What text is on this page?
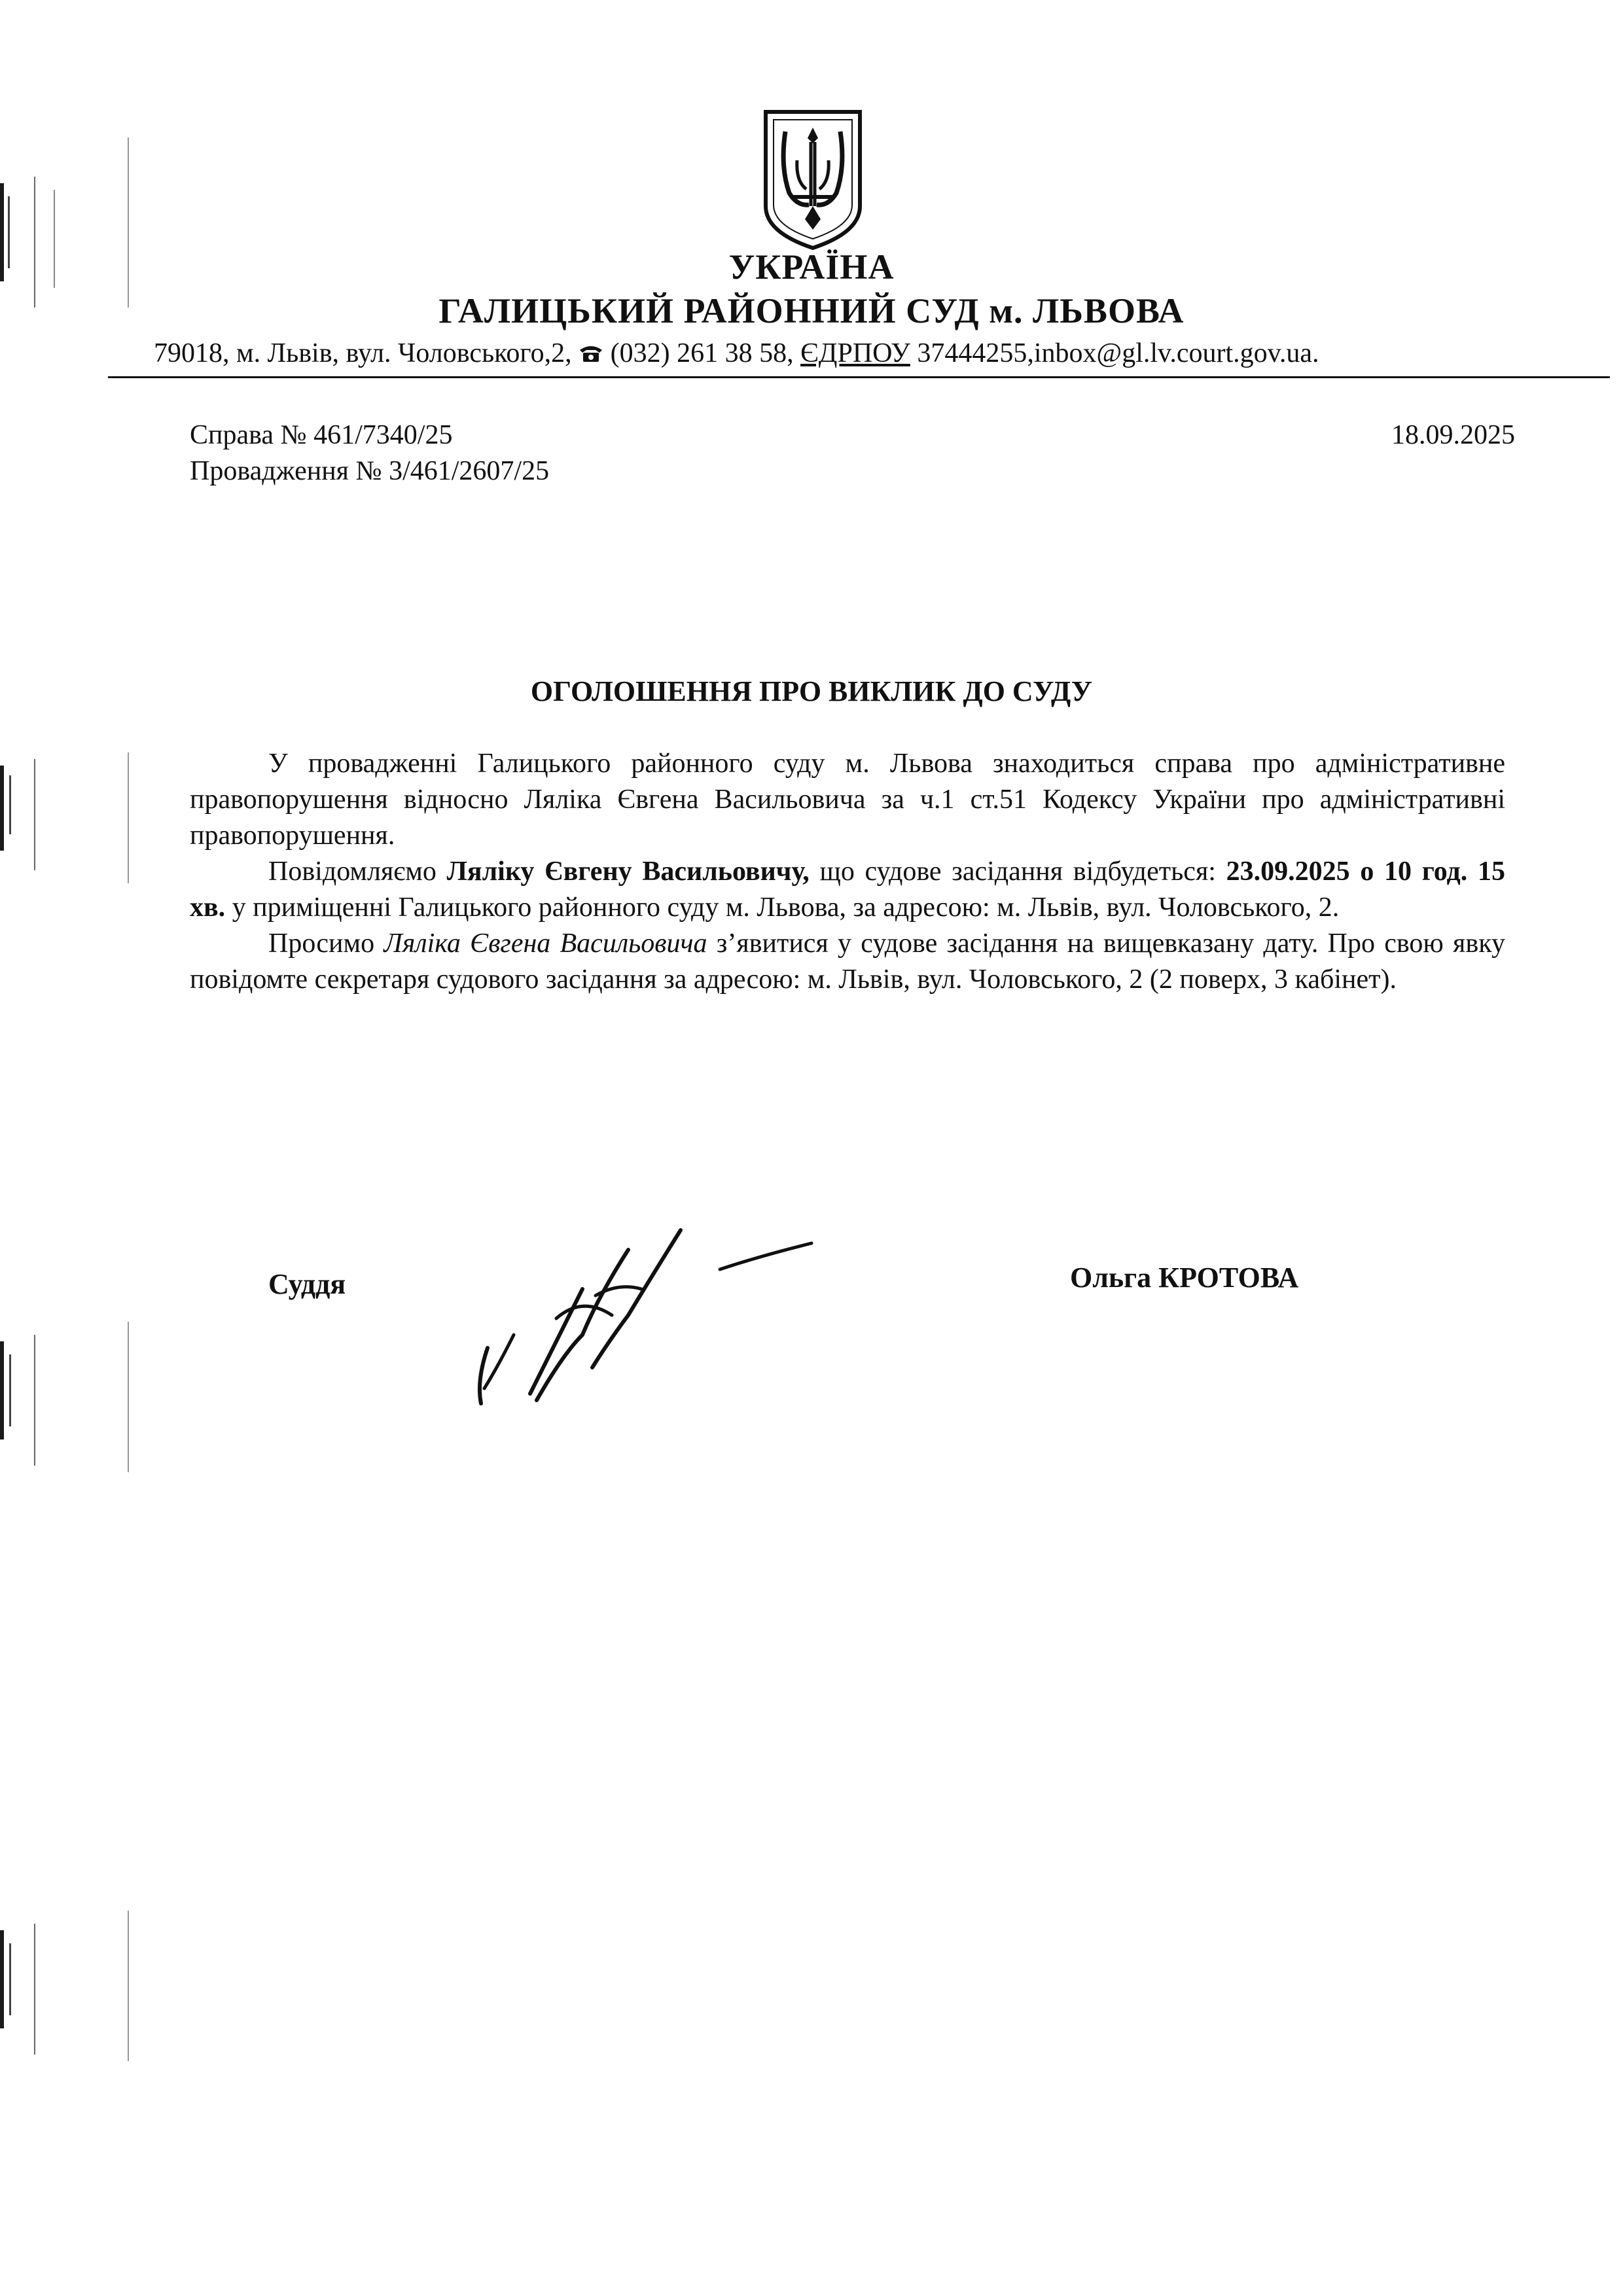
УКРАЇНА
ГАЛИЦЬКИЙ РАЙОННИЙ СУД м. ЛЬВОВА
79018, м. Львів, вул. Чоловського,2, (032) 261 38 58, ЄДРПОУ 37444255,inbox@gl.lv.court.gov.ua.
Справа № 461/7340/25
Провадження № 3/461/2607/25
18.09.2025
ОГОЛОШЕННЯ ПРО ВИКЛИК ДО СУДУ

У провадженні Галицького районного суду м. Львова знаходиться справа про адміністративне правопорушення відносно Ляліка Євгена Васильовича за ч.1 ст.51 Кодексу України про адміністративні правопорушення.

Повідомляємо Ляліку Євгену Васильовичу, що судове засідання відбудеться: 23.09.2025 о 10 год. 15 хв. у приміщенні Галицького районного суду м. Львова, за адресою: м. Львів, вул. Чоловського, 2.

Просимо Ляліка Євгена Васильовича з’явитися у судове засідання на вищевказану дату. Про свою явку повідомте секретаря судового засідання за адресою: м. Львів, вул. Чоловського, 2 (2 поверх, 3 кабінет).

Суддя	Ольга КРОТОВА
